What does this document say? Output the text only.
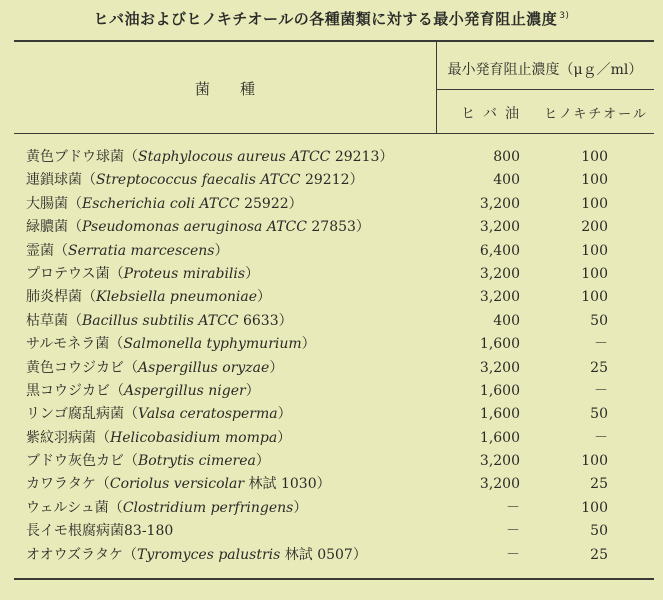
ヒバ油およびヒノキチオールの各種菌類に対する最小発育阻止濃度 $^{3)}$
菌種
最小発育阻止濃度（μｇ／ml）
ヒバ油	ヒノキチオール
黄色ブドウ球菌（Staphylocous aureus ATCC 29213）	800	100
連鎖球菌（Streptococcus faecalis ATCC 29212）	400	100
大腸菌（Escherichia coli ATCC 25922）	3,200	100
緑膿菌（Pseudomonas aeruginosa ATCC 27853）	3,200	200
霊菌（Serratia marcescens）	6,400	100
プロテウス菌（Proteus mirabilis）	3,200	100
肺炎桿菌（Klebsiella pneumoniae）	3,200	100
枯草菌（Bacillus subtilis ATCC 6633）	400	50
サルモネラ菌（Salmonella typhymurium）	1,600	－
黄色コウジカビ（Aspergillus oryzae）	3,200	25
黒コウジカビ（Aspergillus niger）	1,600	－
リンゴ腐乱病菌（Valsa ceratosperma）	1,600	50
紫紋羽病菌（Helicobasidium mompa）	1,600	－
ブドウ灰色カビ（Botrytis cimerea）	3,200	100
カワラタケ（Coriolus versicolar 林試 1030）	3,200	25
ウェルシュ菌（Clostridium perfringens）	－	100
長イモ根腐病菌83-180	－	50
オオウズラタケ（Tyromyces palustris 林試 0507）	－	25
